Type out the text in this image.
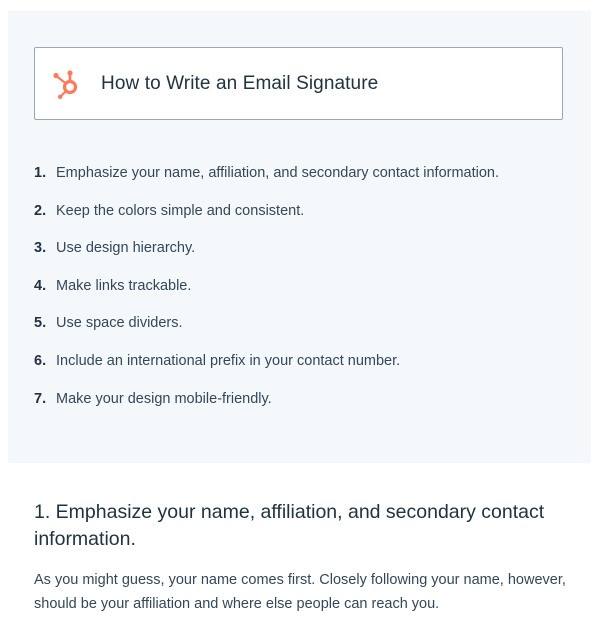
How to Write an Email Signature
1. Emphasize your name, affiliation, and secondary contact information.
2. Keep the colors simple and consistent.
3. Use design hierarchy.
4. Make links trackable.
5. Use space dividers.
6. Include an international prefix in your contact number.
7. Make your design mobile-friendly.
1. Emphasize your name, affiliation, and secondary contact information.

As you might guess, your name comes first. Closely following your name, however, should be your affiliation and where else people can reach you.
